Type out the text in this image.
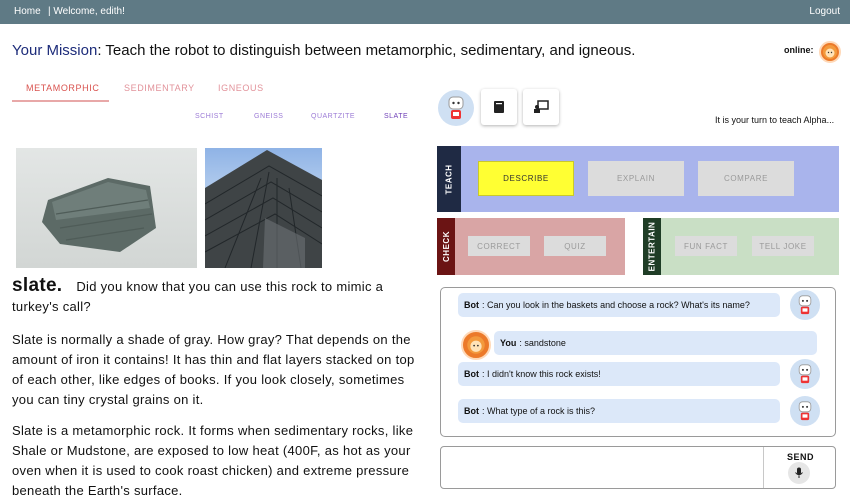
Home | Welcome, edith!	Logout
Your Mission: Teach the robot to distinguish between metamorphic, sedimentary, and igneous.	online:
METAMORPHIC	SEDIMENTARY	IGNEOUS
SCHIST	GNEISS	QUARTZITE	SLATE
slate. Did you know that you can use this rock to mimic a turkey's call?
Slate is normally a shade of gray. How gray? That depends on the amount of iron it contains! It has thin and flat layers stacked on top of each other, like edges of books. If you look closely, sometimes you can tiny crystal grains on it.
Slate is a metamorphic rock. It forms when sedimentary rocks, like Shale or Mudstone, are exposed to low heat (400F, as hot as your oven when it is used to cook roast chicken) and extreme pressure beneath the Earth's surface.
It is your turn to teach Alpha...
TEACH	DESCRIBE	EXPLAIN	COMPARE
CHECK	CORRECT	QUIZ	ENTERTAIN	FUN FACT	TELL JOKE
Bot : Can you look in the baskets and choose a rock? What's its name?
You : sandstone
Bot : I didn't know this rock exists!
Bot : What type of a rock is this?
SEND
